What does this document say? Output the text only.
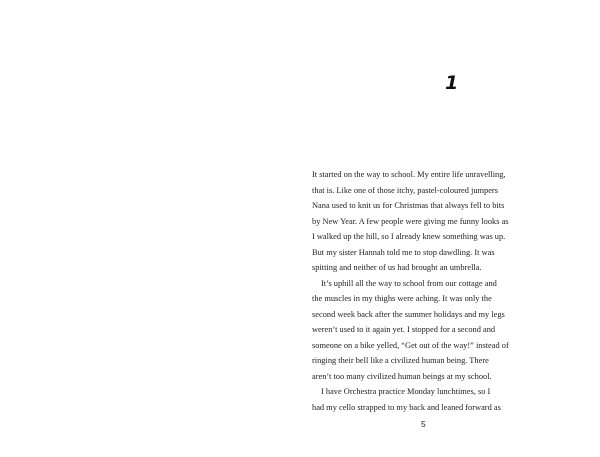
1

It started on the way to school. My entire life unravelling,
that is. Like one of those itchy, pastel-coloured jumpers
Nana used to knit us for Christmas that always fell to bits
by New Year. A few people were giving me funny looks as
I walked up the hill, so I already knew something was up.
But my sister Hannah told me to stop dawdling. It was
spitting and neither of us had brought an umbrella.

It’s uphill all the way to school from our cottage and
the muscles in my thighs were aching. It was only the
second week back after the summer holidays and my legs
weren’t used to it again yet. I stopped for a second and
someone on a bike yelled, “Get out of the way!” instead of
ringing their bell like a civilized human being. There
aren’t too many civilized human beings at my school.

I have Orchestra practice Monday lunchtimes, so I
had my cello strapped to my back and leaned forward as

5
